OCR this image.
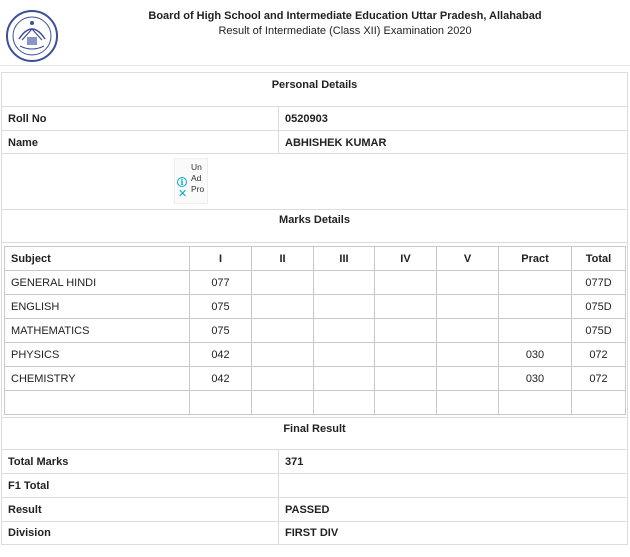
Board of High School and Intermediate Education Uttar Pradesh, Allahabad
Result of Intermediate (Class XII) Examination 2020
Personal Details
Roll No	0520903
Name	ABHISHEK KUMAR
i
✕
Un
Ad
Pro
Marks Details
Subject	I	II	III	IV	V	Pract	Total
GENERAL HINDI	077						077D
ENGLISH	075						075D
MATHEMATICS	075						075D
PHYSICS	042					030	072
CHEMISTRY	042					030	072

Final Result
Total Marks	371
F1 Total
Result	PASSED
Division	FIRST DIV
